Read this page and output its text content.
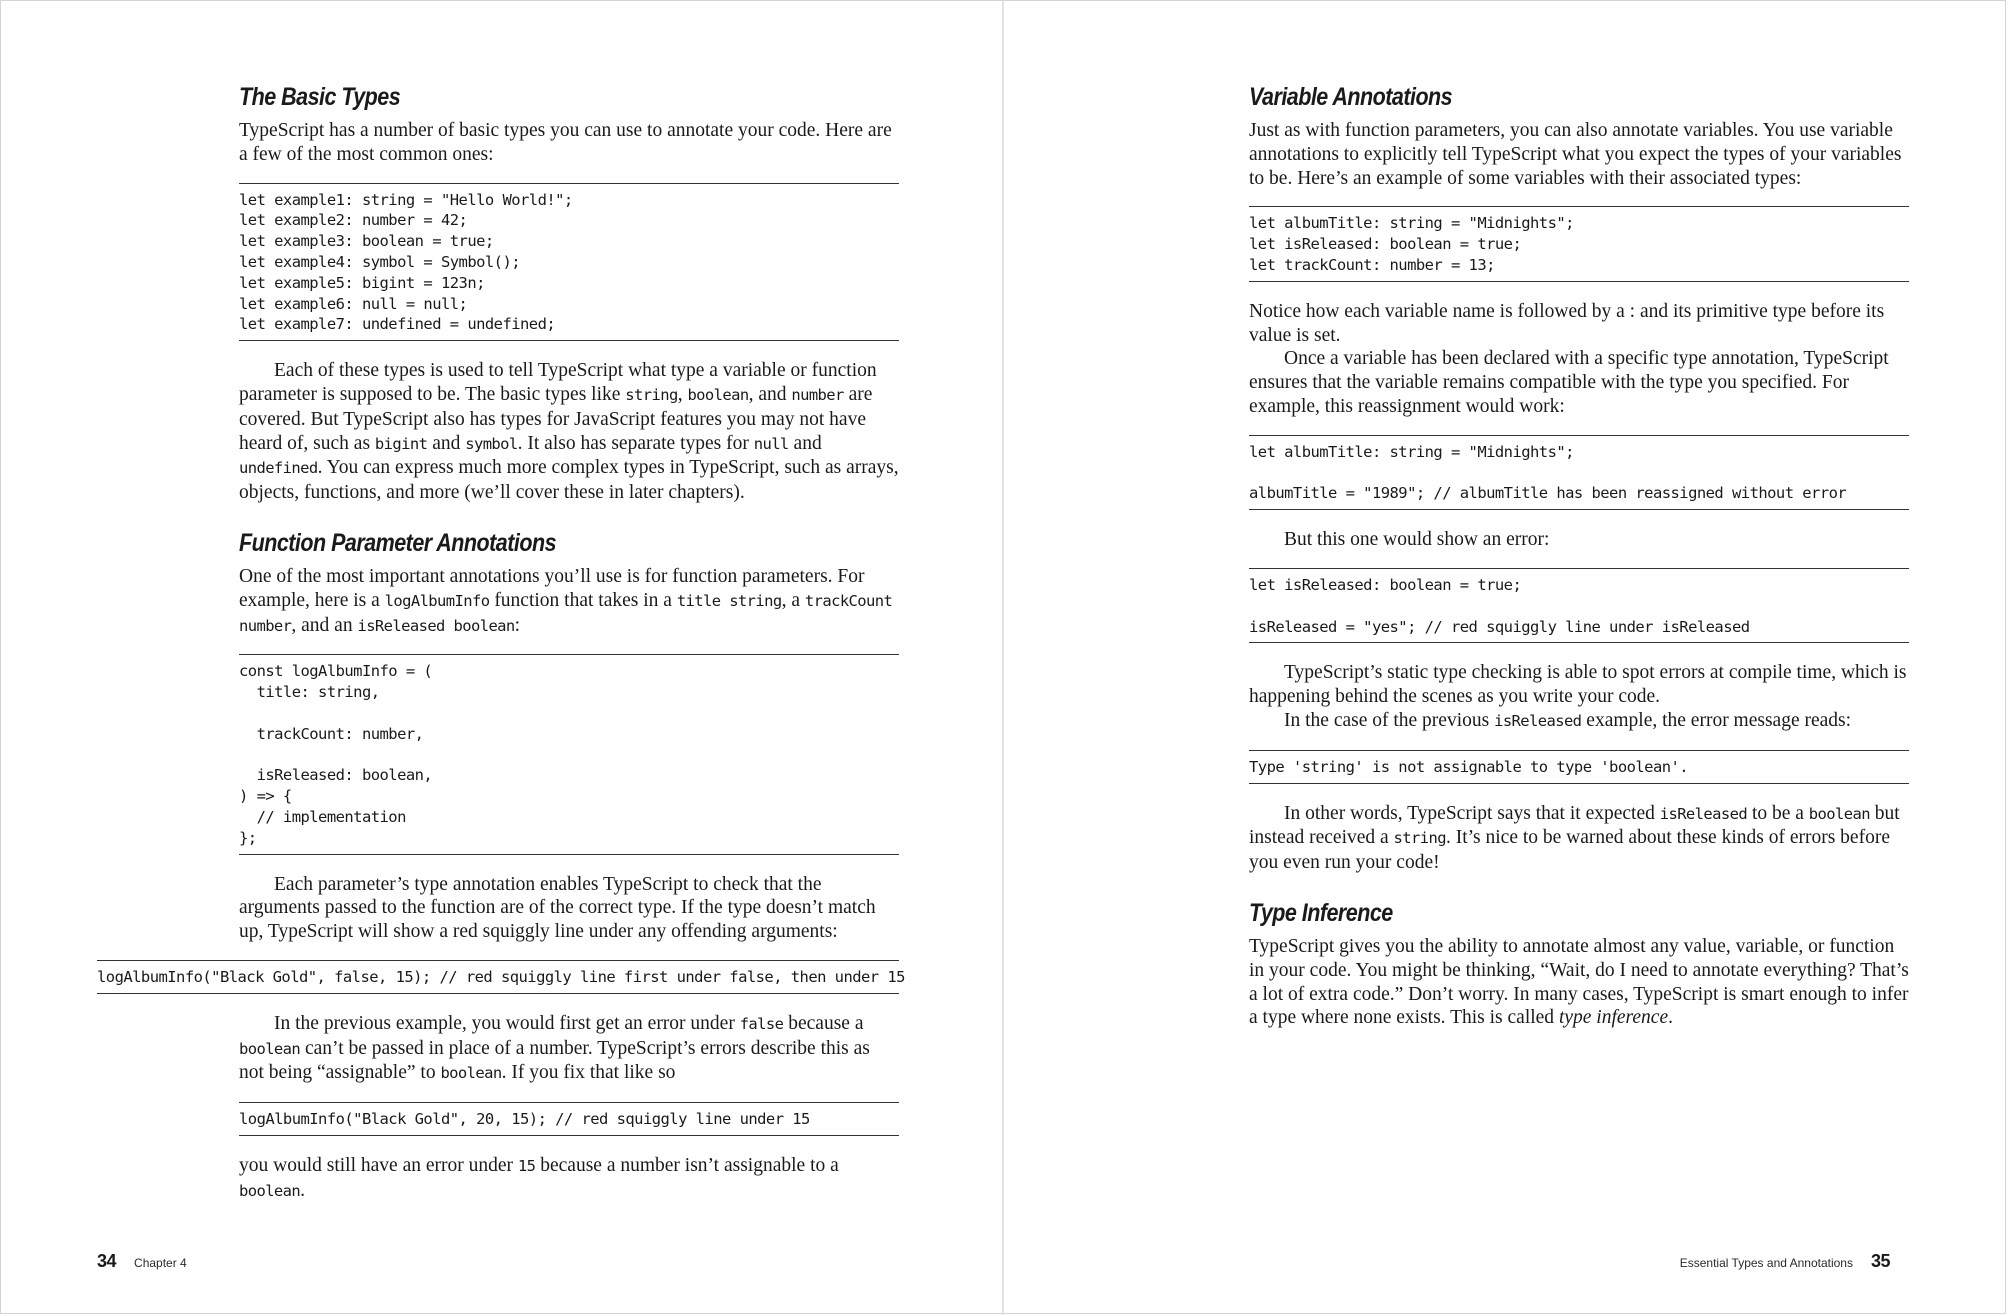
The Basic Types

TypeScript has a number of basic types you can use to annotate your code. Here are a few of the most common ones:

let example1: string = "Hello World!";
let example2: number = 42;
let example3: boolean = true;
let example4: symbol = Symbol();
let example5: bigint = 123n;
let example6: null = null;
let example7: undefined = undefined;

Each of these types is used to tell TypeScript what type a variable or function parameter is supposed to be. The basic types like string, boolean, and number are covered. But TypeScript also has types for JavaScript features you may not have heard of, such as bigint and symbol. It also has separate types for null and undefined. You can express much more complex types in TypeScript, such as arrays, objects, functions, and more (we’ll cover these in later chapters).

Function Parameter Annotations

One of the most important annotations you’ll use is for function parameters. For example, here is a logAlbumInfo function that takes in a title string, a trackCount number, and an isReleased boolean:

const logAlbumInfo = (
title: string,
trackCount: number,
isReleased: boolean,
) => {
// implementation
};

Each parameter’s type annotation enables TypeScript to check that the arguments passed to the function are of the correct type. If the type doesn’t match up, TypeScript will show a red squiggly line under any offending arguments:

logAlbumInfo("Black Gold", false, 15); // red squiggly line first under false, then under 15

In the previous example, you would first get an error under false because a boolean can’t be passed in place of a number. TypeScript’s errors describe this as not being “assignable” to boolean. If you fix that like so

logAlbumInfo("Black Gold", 20, 15); // red squiggly line under 15

you would still have an error under 15 because a number isn’t assignable to a boolean.

34 Chapter 4
Variable Annotations

Just as with function parameters, you can also annotate variables. You use variable annotations to explicitly tell TypeScript what you expect the types of your variables to be. Here’s an example of some variables with their associated types:

let albumTitle: string = "Midnights";
let isReleased: boolean = true;
let trackCount: number = 13;

Notice how each variable name is followed by a : and its primitive type before its value is set.

Once a variable has been declared with a specific type annotation, TypeScript ensures that the variable remains compatible with the type you specified. For example, this reassignment would work:

let albumTitle: string = "Midnights";
albumTitle = "1989"; // albumTitle has been reassigned without error

But this one would show an error:

let isReleased: boolean = true;
isReleased = "yes"; // red squiggly line under isReleased

TypeScript’s static type checking is able to spot errors at compile time, which is happening behind the scenes as you write your code.

In the case of the previous isReleased example, the error message reads:

Type 'string' is not assignable to type 'boolean'.

In other words, TypeScript says that it expected isReleased to be a boolean but instead received a string. It’s nice to be warned about these kinds of errors before you even run your code!

Type Inference

TypeScript gives you the ability to annotate almost any value, variable, or function in your code. You might be thinking, “Wait, do I need to annotate everything? That’s a lot of extra code.” Don’t worry. In many cases, TypeScript is smart enough to infer a type where none exists. This is called type inference.

Essential Types and Annotations 35
